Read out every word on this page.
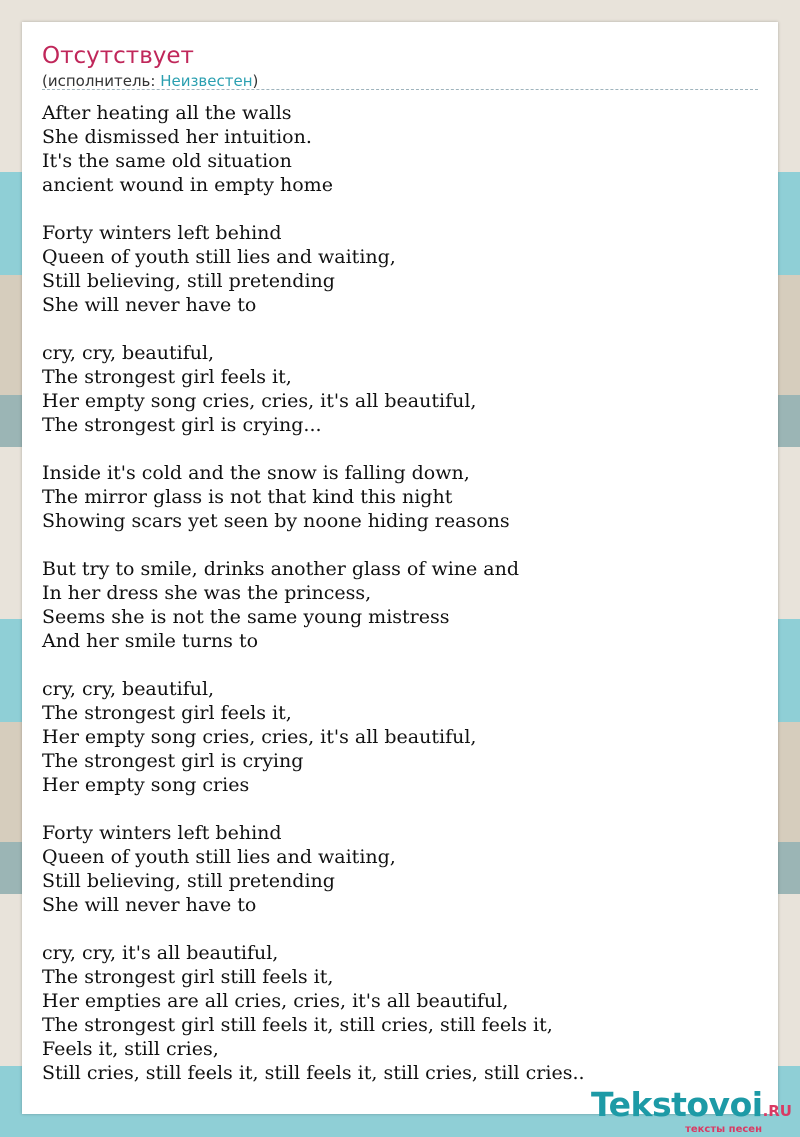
Отсутствует
(исполнитель: Неизвестен)
After heating all the walls
She dismissed her intuition.
It's the same old situation
ancient wound in empty home

Forty winters left behind
Queen of youth still lies and waiting,
Still believing, still pretending
She will never have to

cry, cry, beautiful,
The strongest girl feels it,
Her empty song cries, cries, it's all beautiful,
The strongest girl is crying...

Inside it's cold and the snow is falling down,
The mirror glass is not that kind this night
Showing scars yet seen by noone hiding reasons

But try to smile, drinks another glass of wine and
In her dress she was the princess,
Seems she is not the same young mistress
And her smile turns to

cry, cry, beautiful,
The strongest girl feels it,
Her empty song cries, cries, it's all beautiful,
The strongest girl is crying
Her empty song cries

Forty winters left behind
Queen of youth still lies and waiting,
Still believing, still pretending
She will never have to

cry, cry, it's all beautiful,
The strongest girl still feels it,
Her empties are all cries, cries, it's all beautiful,
The strongest girl still feels it, still cries, still feels it,
Feels it, still cries,
Still cries, still feels it, still feels it, still cries, still cries..
Tekstovoi.RU
тексты песен
